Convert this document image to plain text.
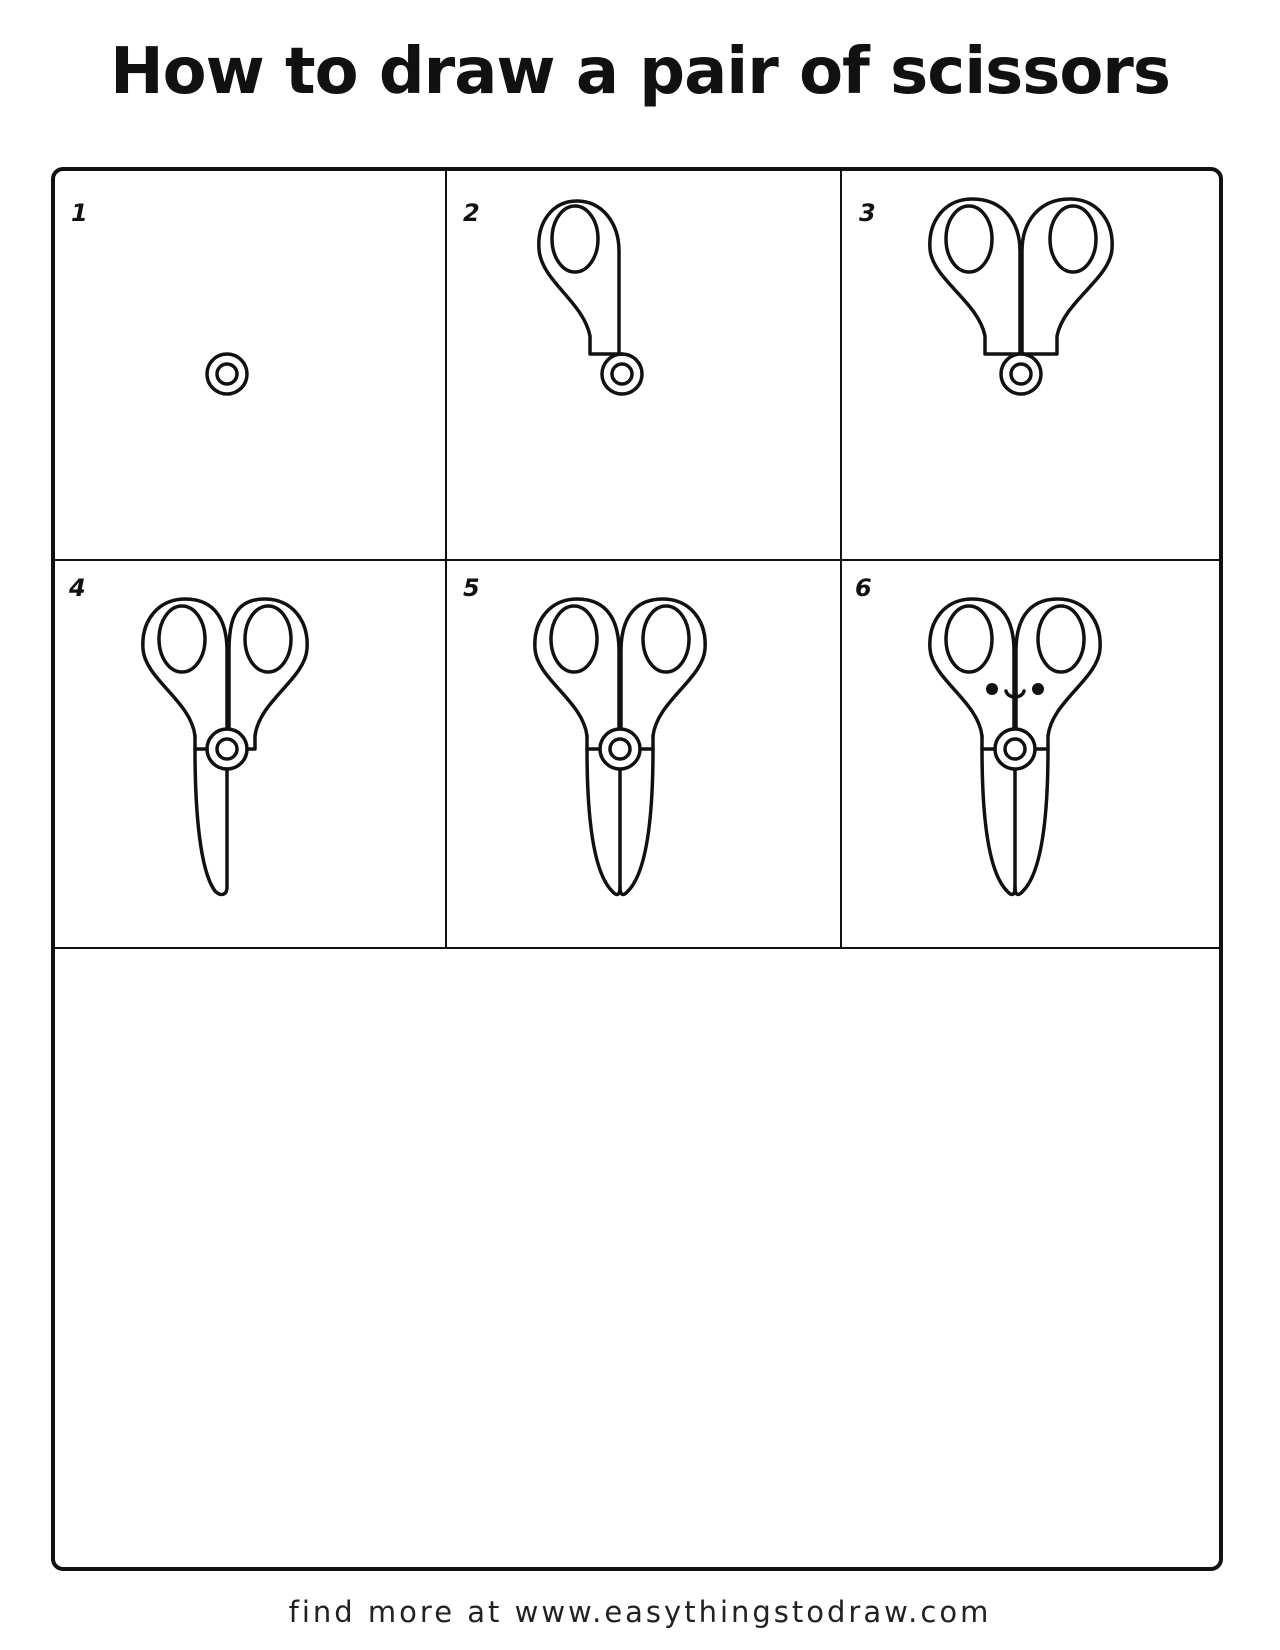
How to draw a pair of scissors
1	2	3
4	5	6
find more at www.easythingstodraw.com
